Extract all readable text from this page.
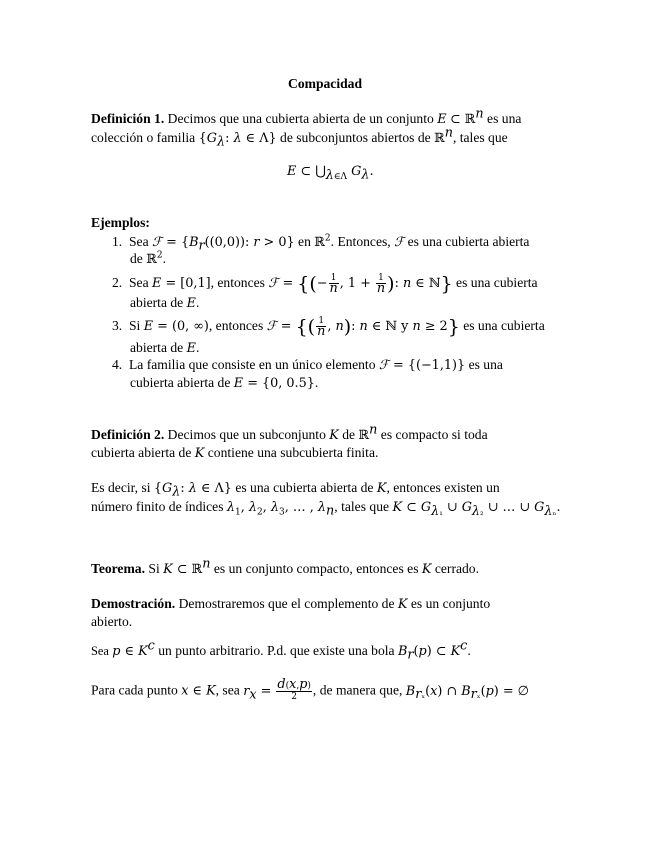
Compacidad
Definición 1. Decimos que una cubierta abierta de un conjunto E ⊂ ℝ$^n$ es una
colección o familia {$G_\lambda$: λ ∈ Λ} de subconjuntos abiertos de ℝ$^n$, tales que
E ⊂ $⋃_{\lambda\in\Lambda}$ $G_\lambda$.
Ejemplos:
1. Sea ℱ = {$B_r((0,0))$: r > 0} en ℝ$^2$. Entonces, ℱ es una cubierta abierta
de ℝ$^2$.
2. Sea E = [0,1], entonces ℱ = {(− $\frac{1}{n}$ , $1 + \frac{1}{n}$ ): n ∈ ℕ} es una cubierta
abierta de E.
3. Si E = (0, ∞), entonces ℱ = {( $\frac{1}{n}$ , n): n ∈ ℕ y n ≥ 2} es una cubierta
abierta de E.
4. La familia que consiste en un único elemento ℱ = {(−1,1)} es una
cubierta abierta de E = {0, 0.5}.
Definición 2. Decimos que un subconjunto K de ℝ$^n$ es compacto si toda
cubierta abierta de K contiene una subcubierta finita.
Es decir, si {$G_\lambda$: λ ∈ Λ} es una cubierta abierta de K, entonces existen un
número finito de índices $\lambda_1$, $\lambda_2$, $\lambda_3$, … , $\lambda_n$, tales que K ⊂ $G_{\lambda_1}$ ∪ $G_{\lambda_2}$ ∪ … ∪ $G_{\lambda_n}$.
Teorema. Si K ⊂ ℝ$^n$ es un conjunto compacto, entonces es K cerrado.
Demostración. Demostraremos que el complemento de K es un conjunto
abierto.
Sea p ∈ $K^c$ un punto arbitrario. P.d. que existe una bola $B_r(p)$ ⊂ $K^c$.
Para cada punto x ∈ K, sea $r_x = \frac{d(x,p)}{2}$ , de manera que, $B_{r_x}(x)$ ∩ $B_{r_x}(p)$ = ∅
